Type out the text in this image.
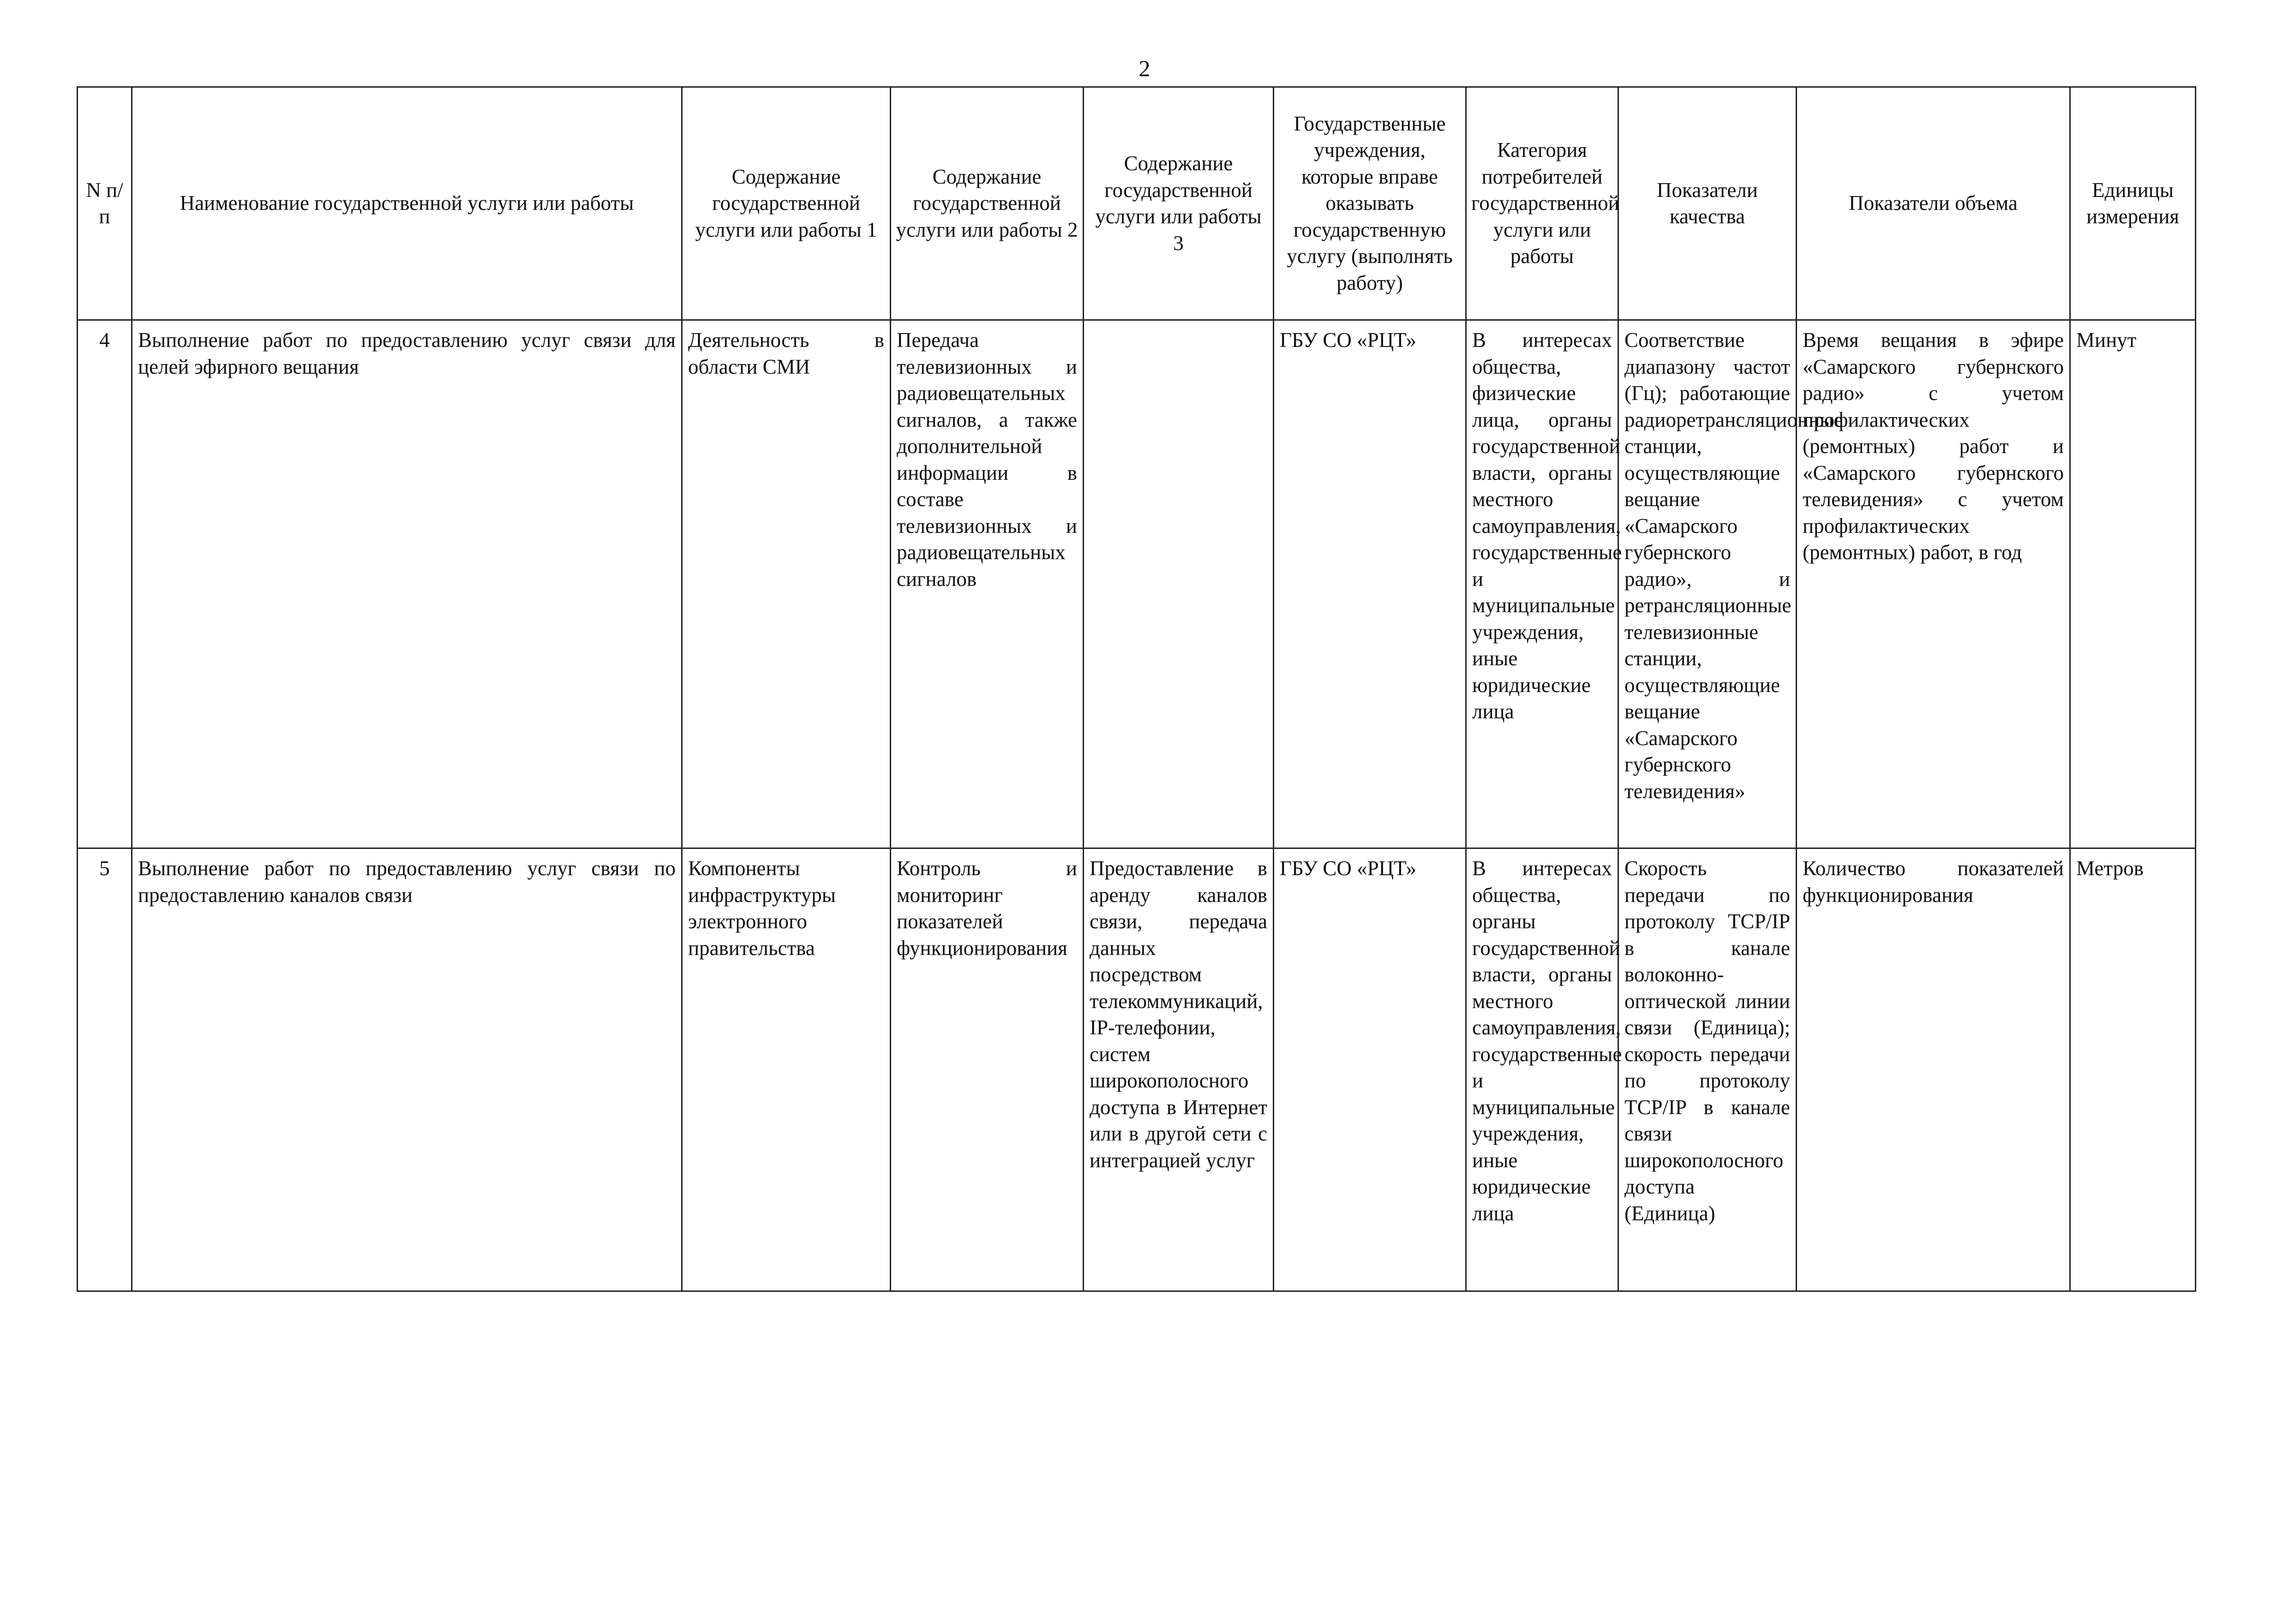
2
N п/п	Наименование государственной услуги или работы	Содержание государственной услуги или работы 1	Содержание государственной услуги или работы 2	Содержание государственной услуги или работы 3	Государственные учреждения, которые вправе оказывать государственную услугу (выполнять работу)	Категория потребителей государственной услуги или работы	Показатели качества	Показатели объема	Единицы измерения
4	Выполнение работ по предоставлению услуг связи для целей эфирного вещания	Деятельность в области СМИ	Передача телевизионных и радиовещательных сигналов, а также дополнительной информации в составе телевизионных и радиовещательных сигналов		ГБУ СО «РЦТ»	В интересах общества, физические лица, органы государственной власти, органы местного самоуправления, государственные и муниципальные учреждения, иные юридические лица	Соответствие диапазону частот (Гц); работающие радиоретрансляционные станции, осуществляющие вещание «Самарского губернского радио», и ретрансляционные телевизионные станции, осуществляющие вещание «Самарского губернского телевидения»	Время вещания в эфире «Самарского губернского радио» с учетом профилактических (ремонтных) работ и «Самарского губернского телевидения» с учетом профилактических (ремонтных) работ, в год	Минут
5	Выполнение работ по предоставлению услуг связи по предоставлению каналов связи	Компоненты инфраструктуры электронного правительства	Контроль и мониторинг показателей функционирования	Предоставление в аренду каналов связи, передача данных посредством телекоммуникаций, IP-телефонии, систем широкополосного доступа в Интернет или в другой сети с интеграцией услуг	ГБУ СО «РЦТ»	В интересах общества, органы государственной власти, органы местного самоуправления, государственные и муниципальные учреждения, иные юридические лица	Скорость передачи по протоколу TCP/IP в канале волоконно-оптической линии связи (Единица); скорость передачи по протоколу TCP/IP в канале связи широкополосного доступа (Единица)	Количество показателей функционирования	Метров
